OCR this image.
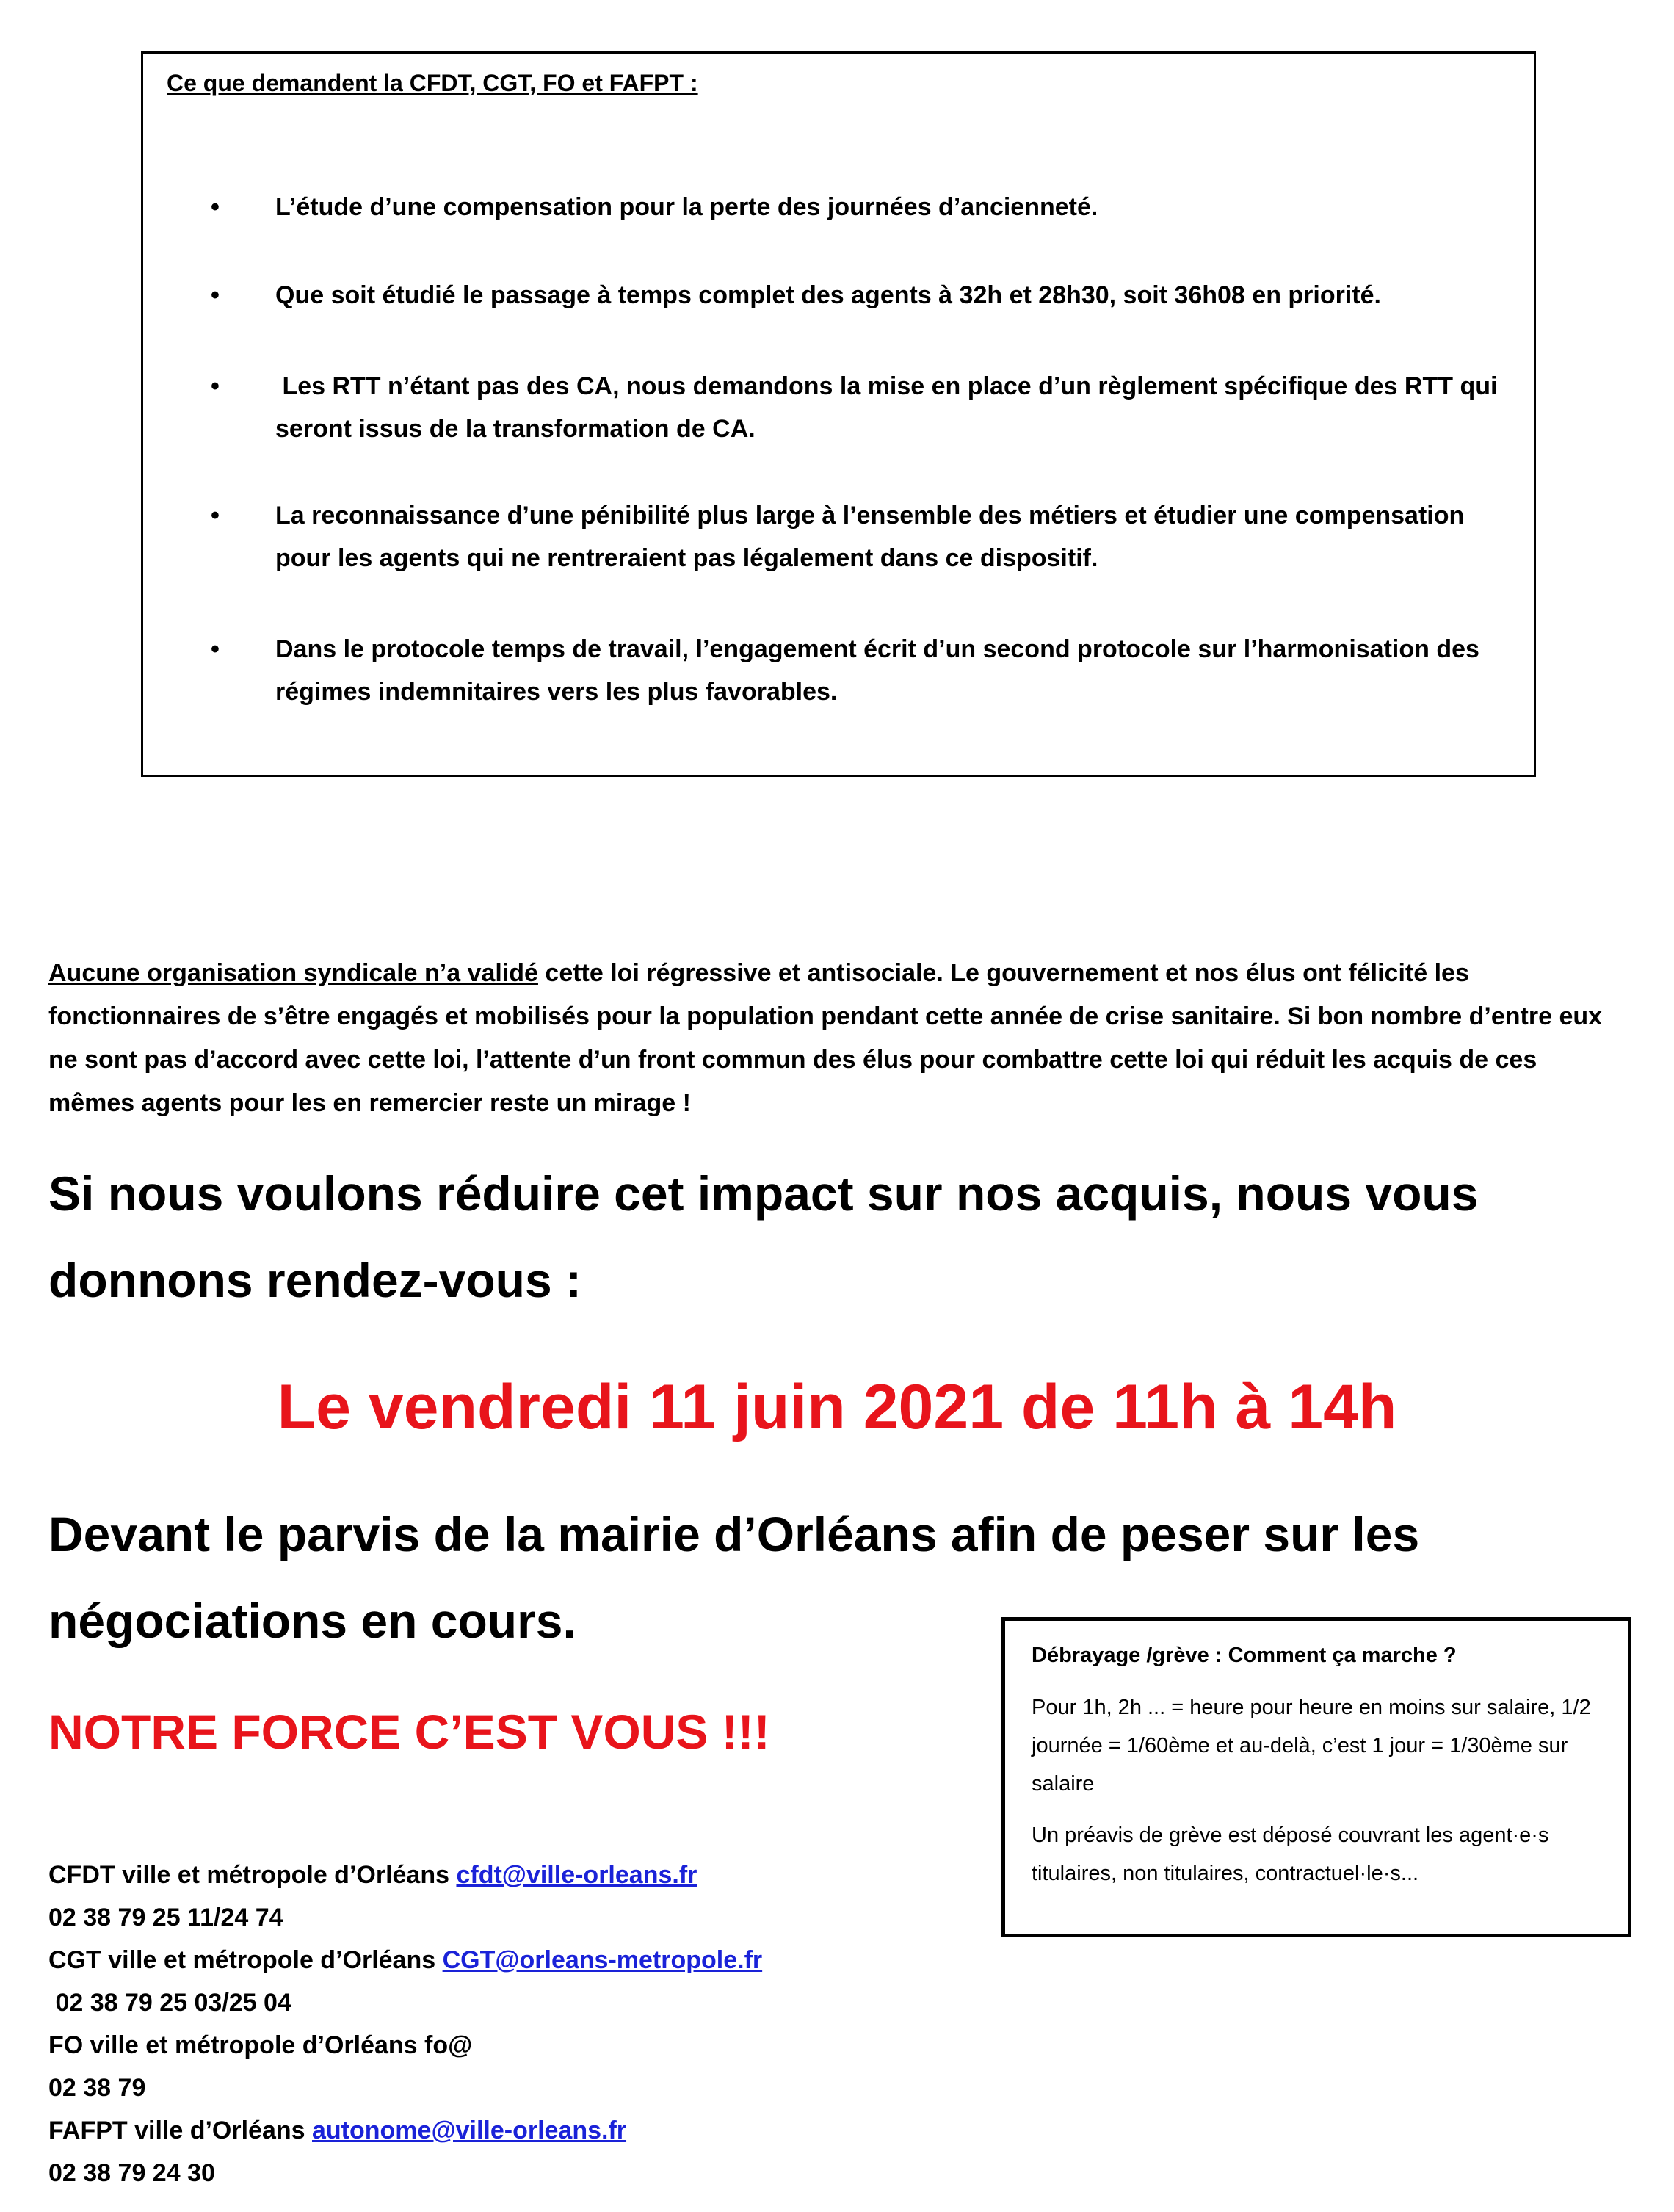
Ce que demandent la CFDT, CGT, FO et FAFPT :
• L’étude d’une compensation pour la perte des journées d’ancienneté.
• Que soit étudié le passage à temps complet des agents à 32h et 28h30, soit 36h08 en priorité.
• Les RTT n’étant pas des CA, nous demandons la mise en place d’un règlement spécifique des RTT qui seront issus de la transformation de CA.
• La reconnaissance d’une pénibilité plus large à l’ensemble des métiers et étudier une compensation pour les agents qui ne rentreraient pas légalement dans ce dispositif.
• Dans le protocole temps de travail, l’engagement écrit d’un second protocole sur l’harmonisation des régimes indemnitaires vers les plus favorables.
Aucune organisation syndicale n’a validé cette loi régressive et antisociale. Le gouvernement et nos élus ont félicité les fonctionnaires de s’être engagés et mobilisés pour la population pendant cette année de crise sanitaire. Si bon nombre d’entre eux ne sont pas d’accord avec cette loi, l’attente d’un front commun des élus pour combattre cette loi qui réduit les acquis de ces mêmes agents pour les en remercier reste un mirage !
Si nous voulons réduire cet impact sur nos acquis, nous vous donnons rendez-vous :
Le vendredi 11 juin 2021 de 11h à 14h
Devant le parvis de la mairie d’Orléans afin de peser sur les négociations en cours.
NOTRE FORCE C’EST VOUS !!!
CFDT ville et métropole d’Orléans cfdt@ville-orleans.fr
02 38 79 25 11/24 74
CGT ville et métropole d’Orléans CGT@orleans-metropole.fr
02 38 79 25 03/25 04
FO ville et métropole d’Orléans fo@
02 38 79
FAFPT ville d’Orléans autonome@ville-orleans.fr
02 38 79 24 30
Débrayage /grève : Comment ça marche ?
Pour 1h, 2h ... = heure pour heure en moins sur salaire, 1/2 journée = 1/60ème et au-delà, c’est 1 jour = 1/30ème sur salaire
Un préavis de grève est déposé couvrant les agent·e·s titulaires, non titulaires, contractuel·le·s...
